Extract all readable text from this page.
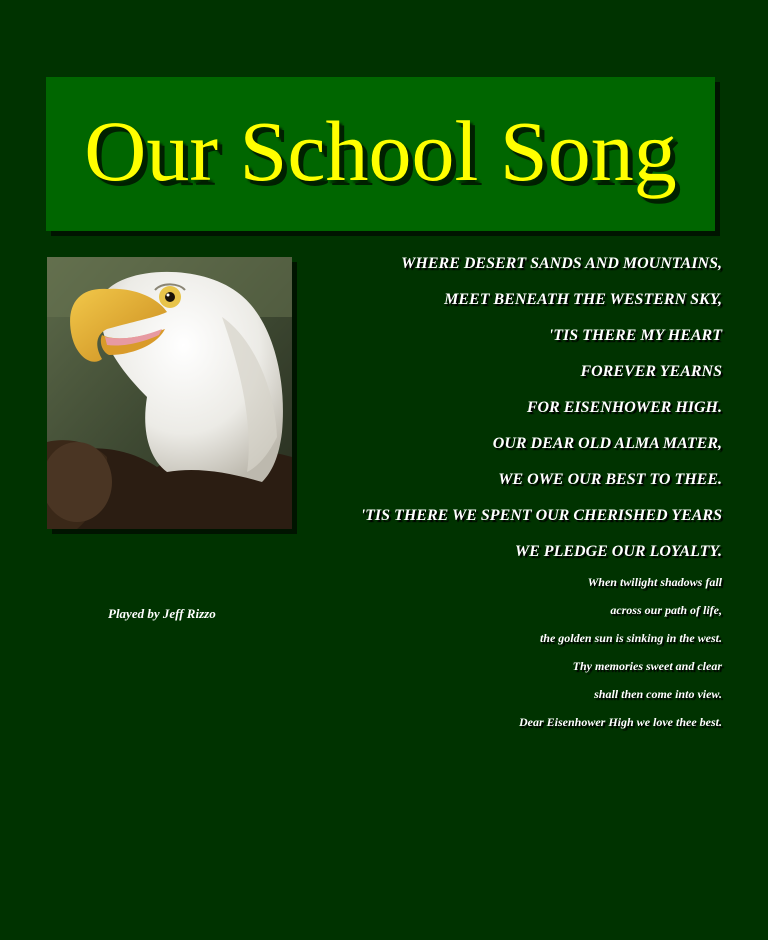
Our School Song
Played by Jeff Rizzo
WHERE DESERT SANDS AND MOUNTAINS,
MEET BENEATH THE WESTERN SKY,
'TIS THERE MY HEART
FOREVER YEARNS
FOR EISENHOWER HIGH.
OUR DEAR OLD ALMA MATER,
WE OWE OUR BEST TO THEE.
'TIS THERE WE SPENT OUR CHERISHED YEARS
WE PLEDGE OUR LOYALTY.
When twilight shadows fall
across our path of life,
the golden sun is sinking in the west.
Thy memories sweet and clear
shall then come into view.
Dear Eisenhower High we love thee best.
